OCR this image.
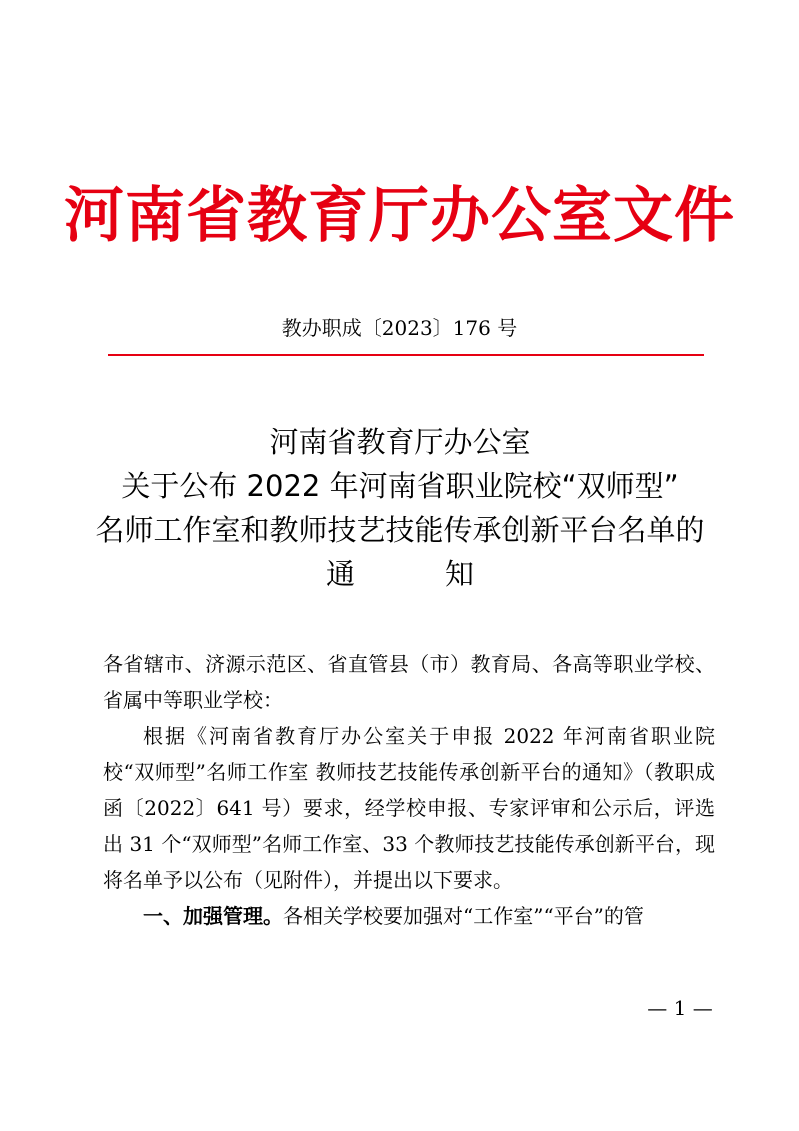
河南省教育厅办公室文件
教办职成〔2023〕176 号
河南省教育厅办公室
关于公布 2022 年河南省职业院校“双师型”
名师工作室和教师技艺技能传承创新平台名单的
通知

各省辖市、济源示范区、省直管县（市）教育局、各高等职业学校、省属中等职业学校：

根据《河南省教育厅办公室关于申报 2022 年河南省职业院校“双师型”名师工作室 教师技艺技能传承创新平台的通知》（教职成函〔2022〕641 号）要求，经学校申报、专家评审和公示后，评选出 31 个“双师型”名师工作室、33 个教师技艺技能传承创新平台，现将名单予以公布（见附件），并提出以下要求。

一、加强管理。各相关学校要加强对“工作室”“平台”的管

— 1 —
